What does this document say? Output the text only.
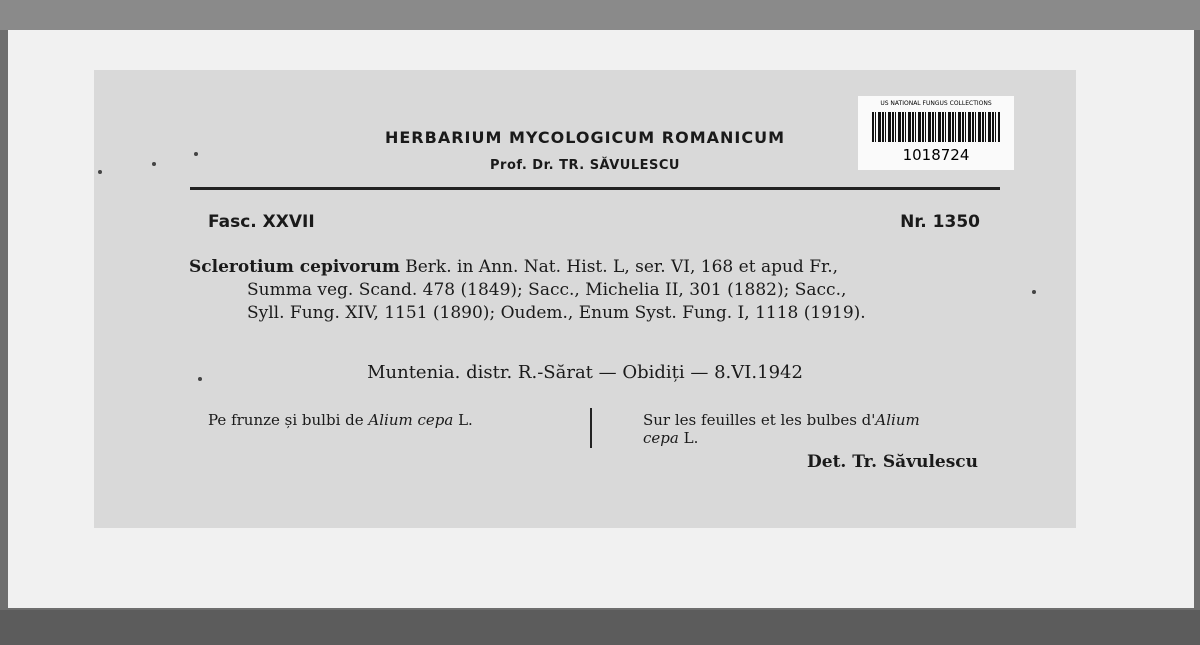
HERBARIUM MYCOLOGICUM ROMANICUM
Prof. Dr. TR. SĂVULESCU
Fasc. XXVII	Nr. 1350
Sclerotium cepivorum Berk. in Ann. Nat. Hist. L, ser. VI, 168 et apud Fr.,
Summa veg. Scand. 478 (1849); Sacc., Michelia II, 301 (1882); Sacc.,
Syll. Fung. XIV, 1151 (1890); Oudem., Enum Syst. Fung. I, 1118 (1919).
Muntenia. distr. R.-Sărat — Obidiți — 8.VI.1942
Pe frunze și bulbi de Alium cepa L.	Sur les feuilles et les bulbes d'Alium
cepa L.
Det. Tr. Săvulescu
US NATIONAL FUNGUS COLLECTIONS
1018724
